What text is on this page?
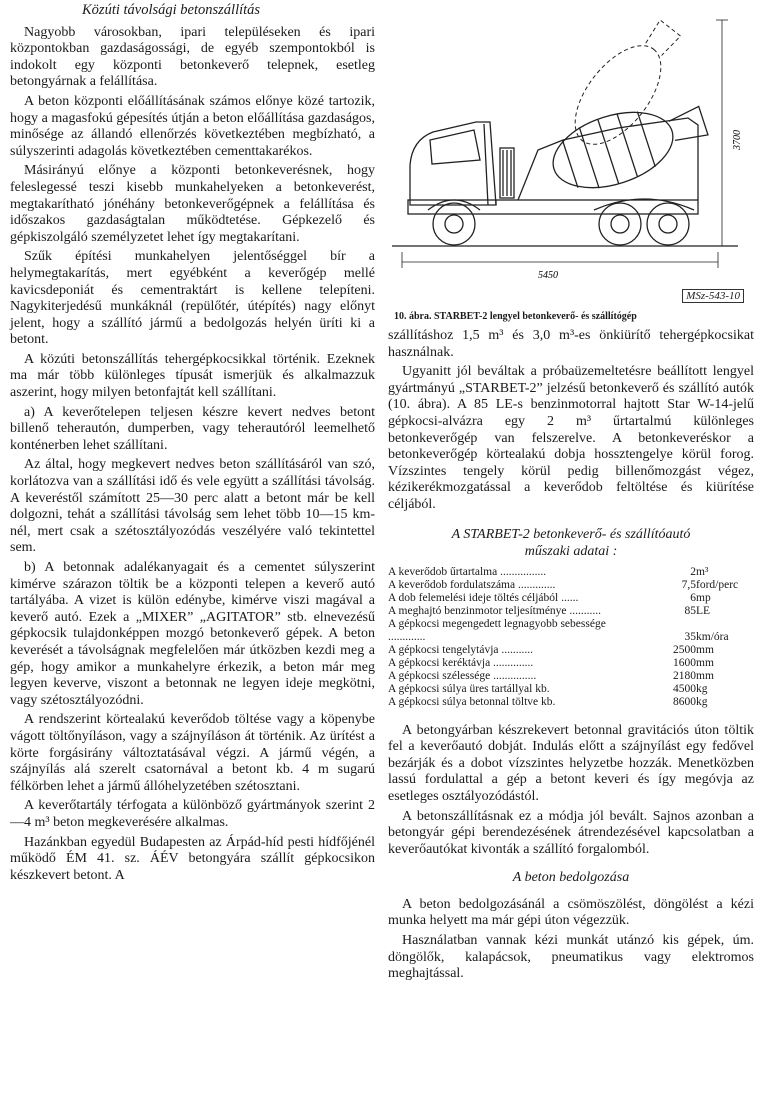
Közúti távolsági betonszállítás

Nagyobb városokban, ipari településeken és ipari központokban gazdaságossági, de egyéb szempontokból is indokolt egy központi betonkeverő telepnek, esetleg betongyárnak a felállítása.

A beton központi előállításának számos előnye közé tartozik, hogy a magasfokú gépesítés útján a beton előállítása gazdaságos, minősége az állandó ellenőrzés következtében megbízható, a súlyszerinti adagolás következtében cementtakarékos.

Másirányú előnye a központi betonkeverésnek, hogy feleslegessé teszi kisebb munkahelyeken a betonkeverést, megtakarítható jónéhány betonkeverőgépnek a felállítása és időszakos gazdaságtalan működtetése. Gépkezelő és gépkiszolgáló személyzetet lehet így megtakarítani.

Szűk építési munkahelyen jelentőséggel bír a helymegtakarítás, mert egyébként a keverőgép mellé kavicsdeponiát és cementraktárt is kellene telepíteni. Nagykiterjedésű munkáknál (repülőtér, útépítés) nagy előnyt jelent, hogy a szállító jármű a bedolgozás helyén üríti ki a betont.

A közúti betonszállítás tehergépkocsikkal történik. Ezeknek ma már több különleges típusát ismerjük és alkalmazzuk aszerint, hogy milyen betonfajtát kell szállítani.

a) A keverőtelepen teljesen készre kevert nedves betont billenő teherautón, dumperben, vagy teherautóról leemelhető konténerben lehet szállítani.

Az által, hogy megkevert nedves beton szállításáról van szó, korlátozva van a szállítási idő és vele együtt a szállítási távolság. A keveréstől számított 25—30 perc alatt a betont már be kell dolgozni, tehát a szállítási távolság sem lehet több 10—15 km-nél, mert csak a szétosztályozódás veszélyére való tekintettel sem.

b) A betonnak adalékanyagait és a cementet súlyszerint kimérve szárazon töltik be a központi telepen a keverő autó tartályába. A vizet is külön edénybe, kimérve viszi magával a keverő autó. Ezek a „MIXER” „AGITATOR” stb. elnevezésű gépkocsik tulajdonképpen mozgó betonkeverő gépek. A beton keverését a távolságnak megfelelően már útközben kezdi meg a gép, hogy amikor a munkahelyre érkezik, a beton már meg legyen keverve, viszont a betonnak ne legyen ideje megkötni, vagy szétosztályozódni.

A rendszerint körtealakú keverődob töltése vagy a köpenybe vágott töltőnyíláson, vagy a szájnyíláson át történik. Az ürítést a körte forgásirány változtatásával végzi. A jármű végén, a szájnyílás alá szerelt csatornával a betont kb. 4 m sugarú félkörben lehet a jármű állóhelyzetében szétosztani.

A keverőtartály térfogata a különböző gyártmányok szerint 2—4 m³ beton megkeverésére alkalmas.

Hazánkban egyedül Budapesten az Árpád-híd pesti hídfőjénél működő ÉM 41. sz. ÁÉV betongyára szállít gépkocsikon készkevert betont. A

3700
5450
MSz-543-10
10. ábra. STARBET-2 lengyel betonkeverő- és szállítógép

szállításhoz 1,5 m³ és 3,0 m³-es önkiürítő tehergépkocsikat használnak.

Ugyanitt jól beváltak a próbaüzemeltetésre beállított lengyel gyártmányú „STARBET-2” jelzésű betonkeverő és szállító autók (10. ábra). A 85 LE-s benzinmotorral hajtott Star W-14-jelű gépkocsi-alvázra egy 2 m³ űrtartalmú különleges betonkeverőgép van felszerelve. A betonkeveréskor a betonkeverőgép körtealakú dobja hossztengelye körül forog. Vízszintes tengely körül pedig billenőmozgást végez, kézikerékmozgatással a keverődob feltöltése és kiürítése céljából.

A STARBET-2 betonkeverő- és szállítóautó
műszaki adatai :
A keverődob űrtartalma ................	2	m³
A keverődob fordulatszáma .............	7,5	ford/perc
A dob felemelési ideje töltés céljából ......	6	mp
A meghajtó benzinmotor teljesítménye ...........	85	LE
A gépkocsi megengedett legnagyobb sebessége .............	35	km/óra
A gépkocsi tengelytávja ...........	2500	mm
A gépkocsi keréktávja ..............	1600	mm
A gépkocsi szélessége ...............	2180	mm
A gépkocsi súlya üres tartállyal kb.	4500	kg
A gépkocsi súlya betonnal töltve kb.	8600	kg

A betongyárban készrekevert betonnal gravitációs úton töltik fel a keverőautó dobját. Indulás előtt a szájnyílást egy fedővel bezárják és a dobot vízszintes helyzetbe hozzák. Menetközben lassú fordulattal a gép a betont keveri és így megóvja az esetleges osztályozódástól.

A betonszállításnak ez a módja jól bevált. Sajnos azonban a betongyár gépi berendezésének átrendezésével kapcsolatban a keverőautókat kivonták a szállító forgalomból.

A beton bedolgozása

A beton bedolgozásánál a csömöszölést, döngölést a kézi munka helyett ma már gépi úton végezzük.

Használatban vannak kézi munkát utánzó kis gépek, úm. döngölők, kalapácsok, pneumatikus vagy elektromos meghajtással.
